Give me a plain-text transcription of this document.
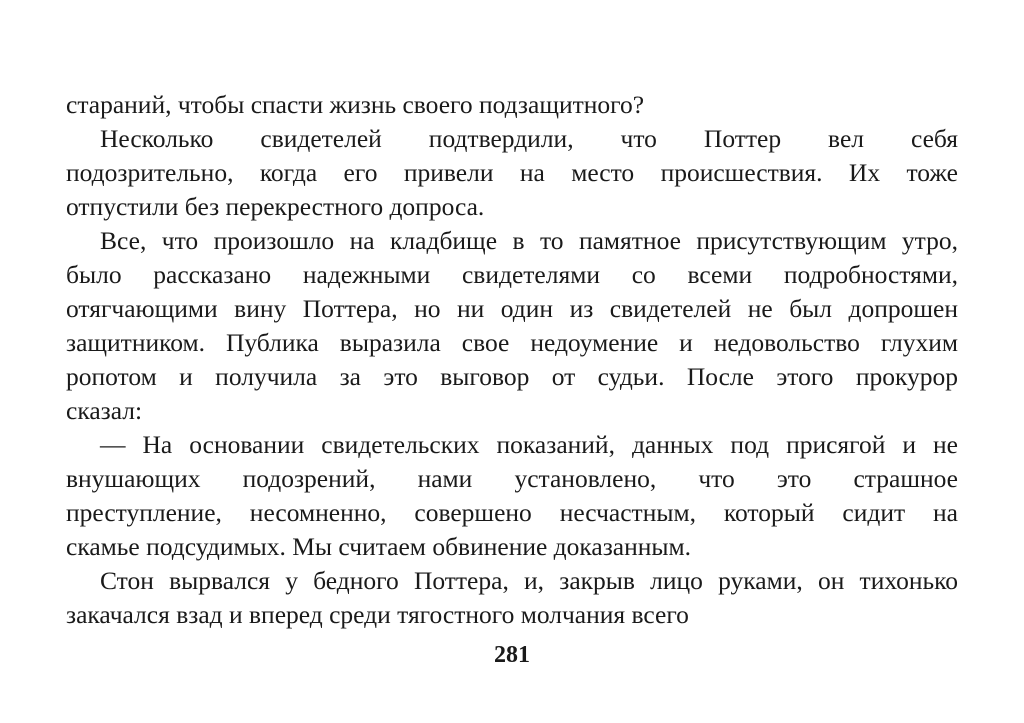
стараний, чтобы спасти жизнь своего подзащитного?
Несколько свидетелей подтвердили, что Поттер вел себя
подозрительно, когда его привели на место происшествия. Их тоже
отпустили без перекрестного допроса.
Все, что произошло на кладбище в то памятное присутствующим утро,
было рассказано надежными свидетелями со всеми подробностями,
отягчающими вину Поттера, но ни один из свидетелей не был допрошен
защитником. Публика выразила свое недоумение и недовольство глухим
ропотом и получила за это выговор от судьи. После этого прокурор
сказал:
— На основании свидетельских показаний, данных под присягой и не
внушающих подозрений, нами установлено, что это страшное
преступление, несомненно, совершено несчастным, который сидит на
скамье подсудимых. Мы считаем обвинение доказанным.
Стон вырвался у бедного Поттера, и, закрыв лицо руками, он тихонько
закачался взад и вперед среди тягостного молчания всего
281
